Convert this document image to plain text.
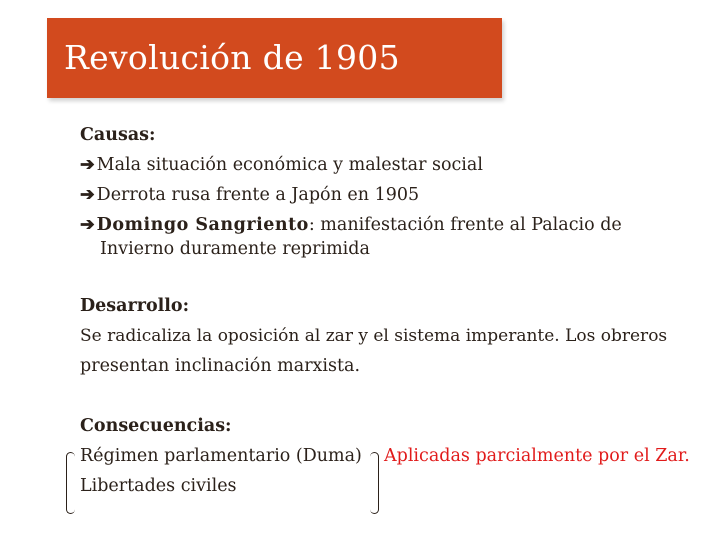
Revolución de 1905
Causas:
➔ Mala situación económica y malestar social
➔ Derrota rusa frente a Japón en 1905
➔ Domingo Sangriento: manifestación frente al Palacio de
Invierno duramente reprimida
Desarrollo:
Se radicaliza la oposición al zar y el sistema imperante. Los obreros
presentan inclinación marxista.
Consecuencias:
Régimen parlamentario (Duma)	Aplicadas parcialmente por el Zar.
Libertades civiles
